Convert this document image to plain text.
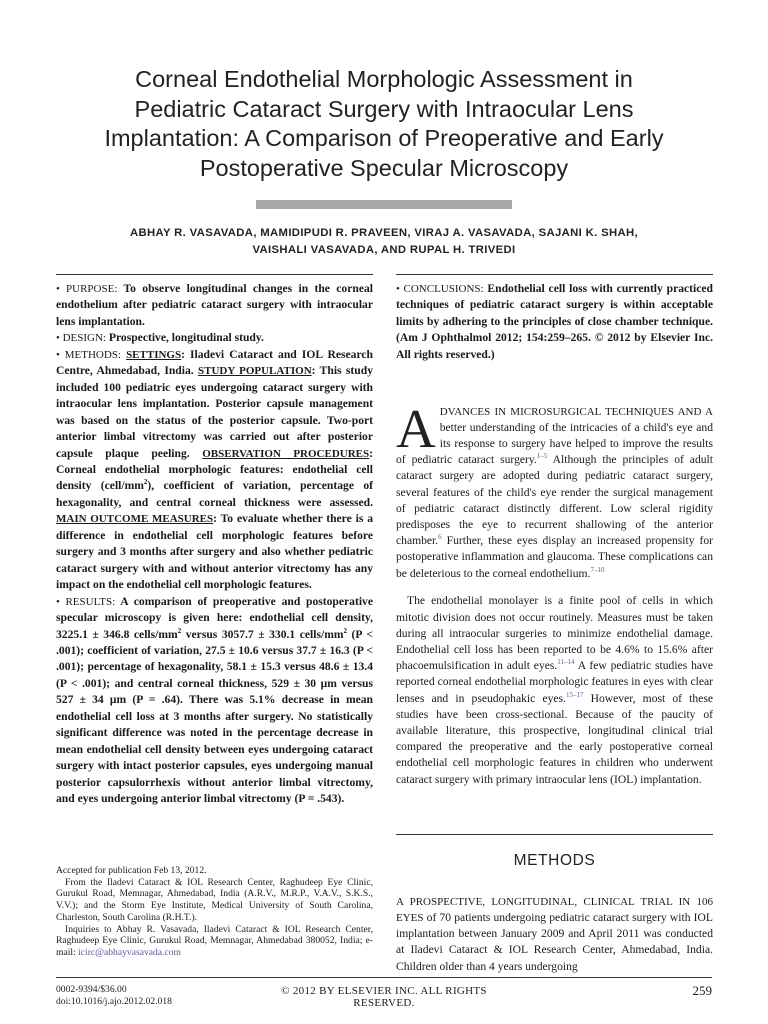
Corneal Endothelial Morphologic Assessment in
Pediatric Cataract Surgery with Intraocular Lens
Implantation: A Comparison of Preoperative and Early
Postoperative Specular Microscopy
ABHAY R. VASAVADA, MAMIDIPUDI R. PRAVEEN, VIRAJ A. VASAVADA, SAJANI K. SHAH,
VAISHALI VASAVADA, AND RUPAL H. TRIVEDI

• PURPOSE: To observe longitudinal changes in the corneal endothelium after pediatric cataract surgery with intraocular lens implantation.

• DESIGN: Prospective, longitudinal study.

• METHODS: SETTINGS: Iladevi Cataract and IOL Research Centre, Ahmedabad, India. STUDY POPULATION: This study included 100 pediatric eyes undergoing cataract surgery with intraocular lens implantation. Posterior capsule management was based on the status of the posterior capsule. Two-port anterior limbal vitrectomy was carried out after posterior capsule plaque peeling. OBSERVATION PROCEDURES: Corneal endothelial morphologic features: endothelial cell density $(cell/mm^2)$, coefficient of variation, percentage of hexagonality, and central corneal thickness were assessed. MAIN OUTCOME MEASURES: To evaluate whether there is a difference in endothelial cell morphologic features before surgery and 3 months after surgery and also whether pediatric cataract surgery with and without anterior vitrectomy has any impact on the endothelial cell morphologic features.

• RESULTS: A comparison of preoperative and postoperative specular microscopy is given here: endothelial cell density, 3225.1 ± 346.8 cells/$mm^2$ versus 3057.7 ± 330.1 cells/$mm^2$ (P < .001); coefficient of variation, 27.5 ± 10.6 versus 37.7 ± 16.3 (P < .001); percentage of hexagonality, 58.1 ± 15.3 versus 48.6 ± 13.4 (P < .001); and central corneal thickness, 529 ± 30 μm versus 527 ± 34 μm (P = .64). There was 5.1% decrease in mean endothelial cell loss at 3 months after surgery. No statistically significant difference was noted in the percentage decrease in mean endothelial cell density between eyes undergoing cataract surgery with intact posterior capsules, eyes undergoing manual posterior capsulorrhexis without anterior limbal vitrectomy, and eyes undergoing anterior limbal vitrectomy (P = .543).

• CONCLUSIONS: Endothelial cell loss with currently practiced techniques of pediatric cataract surgery is within acceptable limits by adhering to the principles of close chamber technique. (Am J Ophthalmol 2012; 154:259–265. © 2012 by Elsevier Inc. All rights reserved.)

ADVANCES IN MICROSURGICAL TECHNIQUES AND A better understanding of the intricacies of a child's eye and its response to surgery have helped to improve the results of pediatric cataract surgery.$^{1-5}$ Although the principles of adult cataract surgery are adopted during pediatric cataract surgery, several features of the child's eye render the surgical management of pediatric cataract distinctly different. Low scleral rigidity predisposes the eye to recurrent shallowing of the anterior chamber.$^6$ Further, these eyes display an increased propensity for postoperative inflammation and glaucoma. These complications can be deleterious to the corneal endothelium.$^{7-10}$

The endothelial monolayer is a finite pool of cells in which mitotic division does not occur routinely. Measures must be taken during all intraocular surgeries to minimize endothelial damage. Endothelial cell loss has been reported to be 4.6% to 15.6% after phacoemulsification in adult eyes.$^{11-14}$ A few pediatric studies have reported corneal endothelial morphologic features in eyes with clear lenses and in pseudophakic eyes.$^{15-17}$ However, most of these studies have been cross-sectional. Because of the paucity of available literature, this prospective, longitudinal clinical trial compared the preoperative and the early postoperative corneal endothelial cell morphologic features in children who underwent cataract surgery with primary intraocular lens (IOL) implantation.

METHODS

A PROSPECTIVE, LONGITUDINAL, CLINICAL TRIAL IN 106 EYES of 70 patients undergoing pediatric cataract surgery with IOL implantation between January 2009 and April 2011 was conducted at Iladevi Cataract & IOL Research Center, Ahmedabad, India. Children older than 4 years undergoing

Accepted for publication Feb 13, 2012.

From the Iladevi Cataract & IOL Research Center, Raghudeep Eye Clinic, Gurukul Road, Memnagar, Ahmedabad, India (A.R.V., M.R.P., V.A.V., S.K.S., V.V.); and the Storm Eye Institute, Medical University of South Carolina, Charleston, South Carolina (R.H.T.).

Inquiries to Abhay R. Vasavada, Iladevi Cataract & IOL Research Center, Raghudeep Eye Clinic, Gurukul Road, Memnagar, Ahmedabad 380052, India; e-mail: icirc@abhayvasavada.com

0002-9394/$36.00
doi:10.1016/j.ajo.2012.02.018
© 2012 BY ELSEVIER INC. ALL RIGHTS RESERVED.
259
